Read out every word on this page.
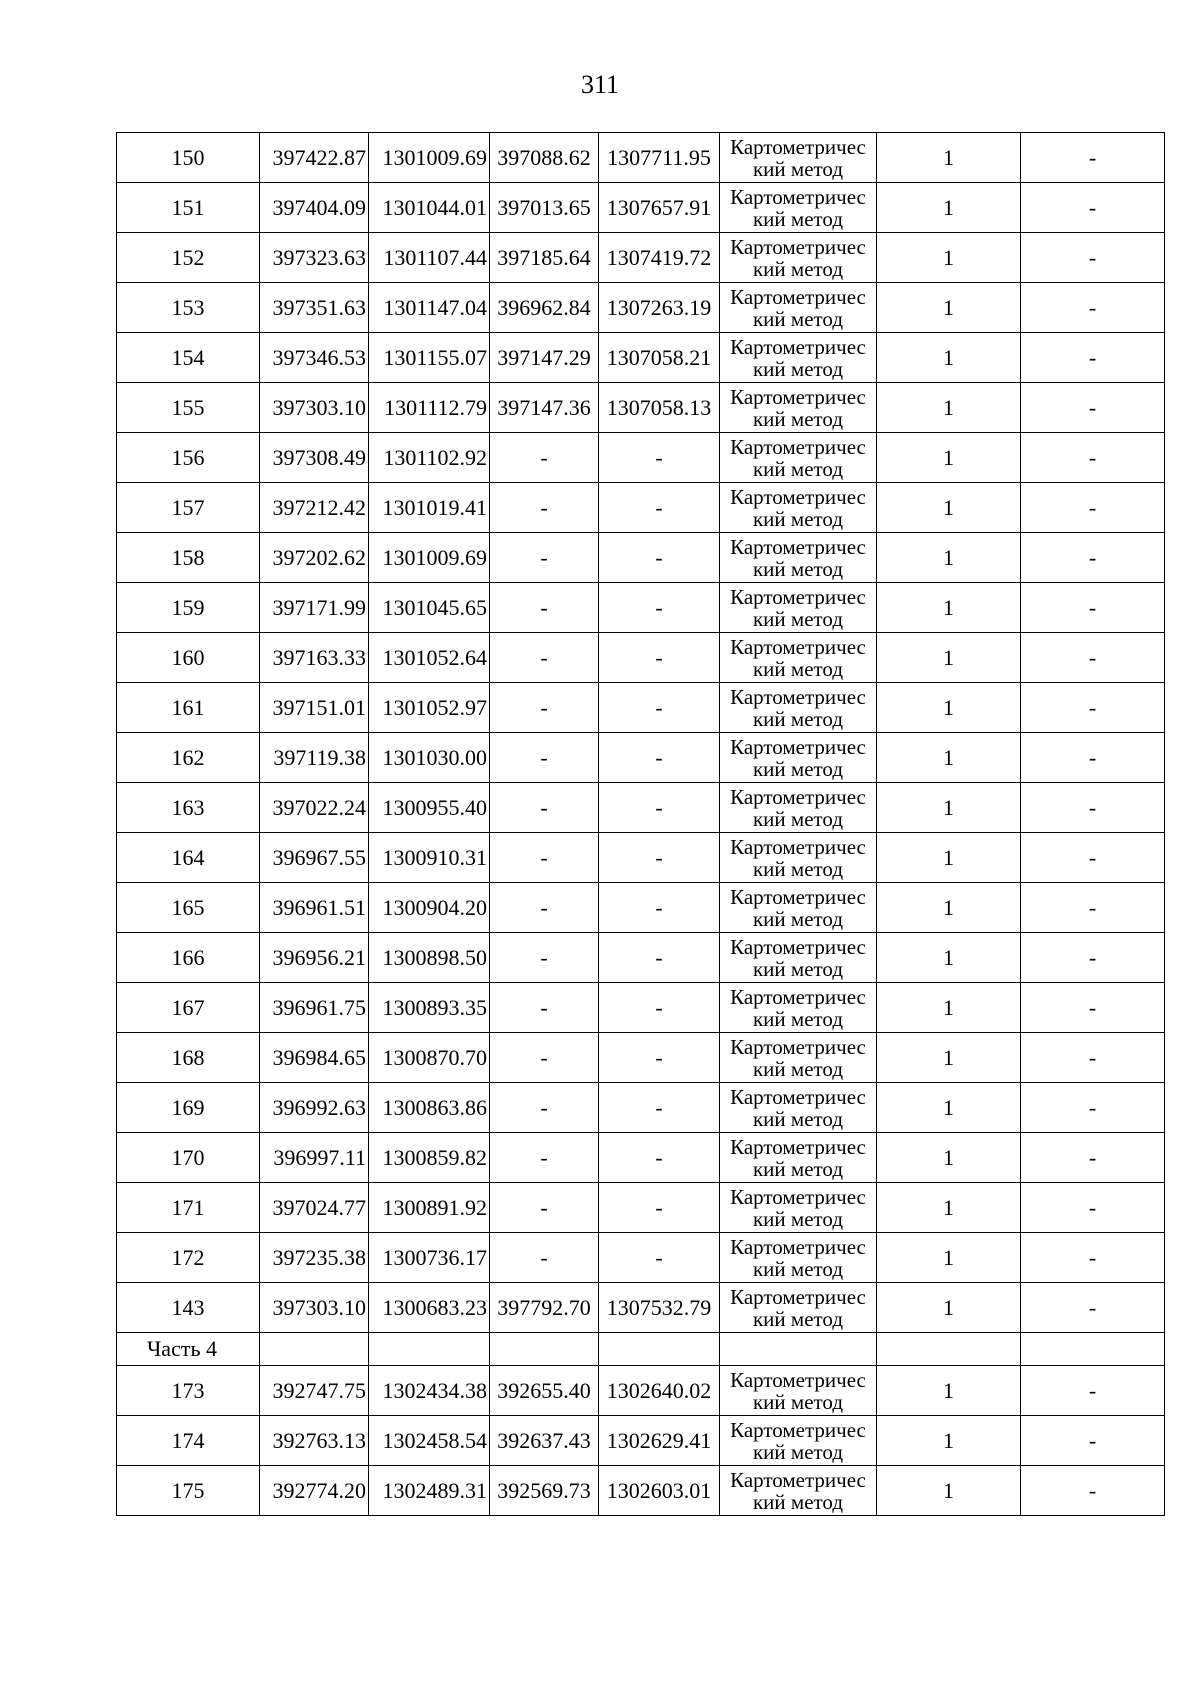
311
150	397422.87	1301009.69	397088.62	1307711.95	Картометричес
кий метод	1	-
151	397404.09	1301044.01	397013.65	1307657.91	Картометричес
кий метод	1	-
152	397323.63	1301107.44	397185.64	1307419.72	Картометричес
кий метод	1	-
153	397351.63	1301147.04	396962.84	1307263.19	Картометричес
кий метод	1	-
154	397346.53	1301155.07	397147.29	1307058.21	Картометричес
кий метод	1	-
155	397303.10	1301112.79	397147.36	1307058.13	Картометричес
кий метод	1	-
156	397308.49	1301102.92	-	-	Картометричес
кий метод	1	-
157	397212.42	1301019.41	-	-	Картометричес
кий метод	1	-
158	397202.62	1301009.69	-	-	Картометричес
кий метод	1	-
159	397171.99	1301045.65	-	-	Картометричес
кий метод	1	-
160	397163.33	1301052.64	-	-	Картометричес
кий метод	1	-
161	397151.01	1301052.97	-	-	Картометричес
кий метод	1	-
162	397119.38	1301030.00	-	-	Картометричес
кий метод	1	-
163	397022.24	1300955.40	-	-	Картометричес
кий метод	1	-
164	396967.55	1300910.31	-	-	Картометричес
кий метод	1	-
165	396961.51	1300904.20	-	-	Картометричес
кий метод	1	-
166	396956.21	1300898.50	-	-	Картометричес
кий метод	1	-
167	396961.75	1300893.35	-	-	Картометричес
кий метод	1	-
168	396984.65	1300870.70	-	-	Картометричес
кий метод	1	-
169	396992.63	1300863.86	-	-	Картометричес
кий метод	1	-
170	396997.11	1300859.82	-	-	Картометричес
кий метод	1	-
171	397024.77	1300891.92	-	-	Картометричес
кий метод	1	-
172	397235.38	1300736.17	-	-	Картометричес
кий метод	1	-
143	397303.10	1300683.23	397792.70	1307532.79	Картометричес
кий метод	1	-
Часть 4							
173	392747.75	1302434.38	392655.40	1302640.02	Картометричес
кий метод	1	-
174	392763.13	1302458.54	392637.43	1302629.41	Картометричес
кий метод	1	-
175	392774.20	1302489.31	392569.73	1302603.01	Картометричес
кий метод	1	-
